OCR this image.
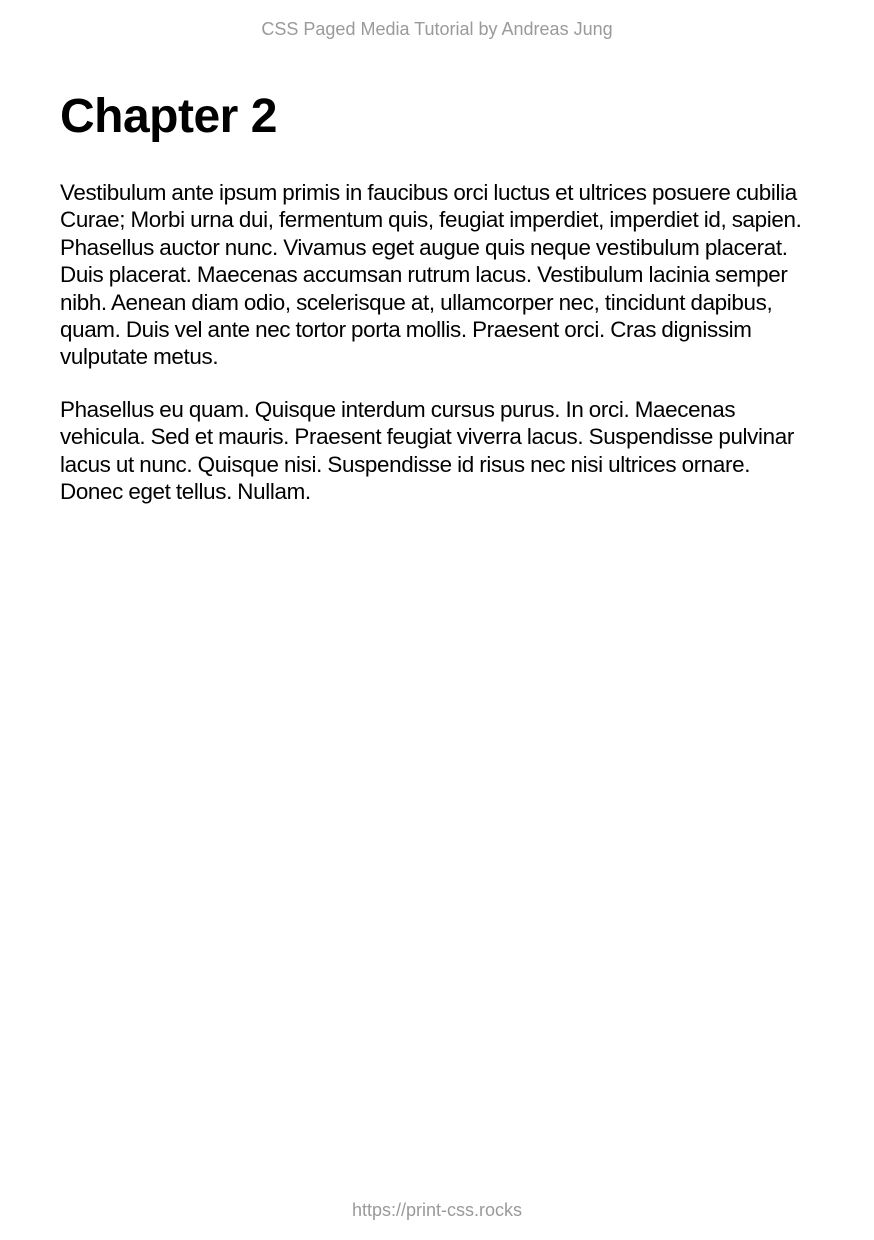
CSS Paged Media Tutorial by Andreas Jung
Chapter 2

Vestibulum ante ipsum primis in faucibus orci luctus et ultrices posuere cubilia Curae; Morbi urna dui, fermentum quis, feugiat imperdiet, imperdiet id, sapien. Phasellus auctor nunc. Vivamus eget augue quis neque vestibulum placerat. Duis placerat. Maecenas accumsan rutrum lacus. Vestibulum lacinia semper nibh. Aenean diam odio, scelerisque at, ullamcorper nec, tincidunt dapibus, quam. Duis vel ante nec tortor porta mollis. Praesent orci. Cras dignissim vulputate metus.

Phasellus eu quam. Quisque interdum cursus purus. In orci. Maecenas vehicula. Sed et mauris. Praesent feugiat viverra lacus. Suspendisse pulvinar lacus ut nunc. Quisque nisi. Suspendisse id risus nec nisi ultrices ornare. Donec eget tellus. Nullam.

https://print-css.rocks
